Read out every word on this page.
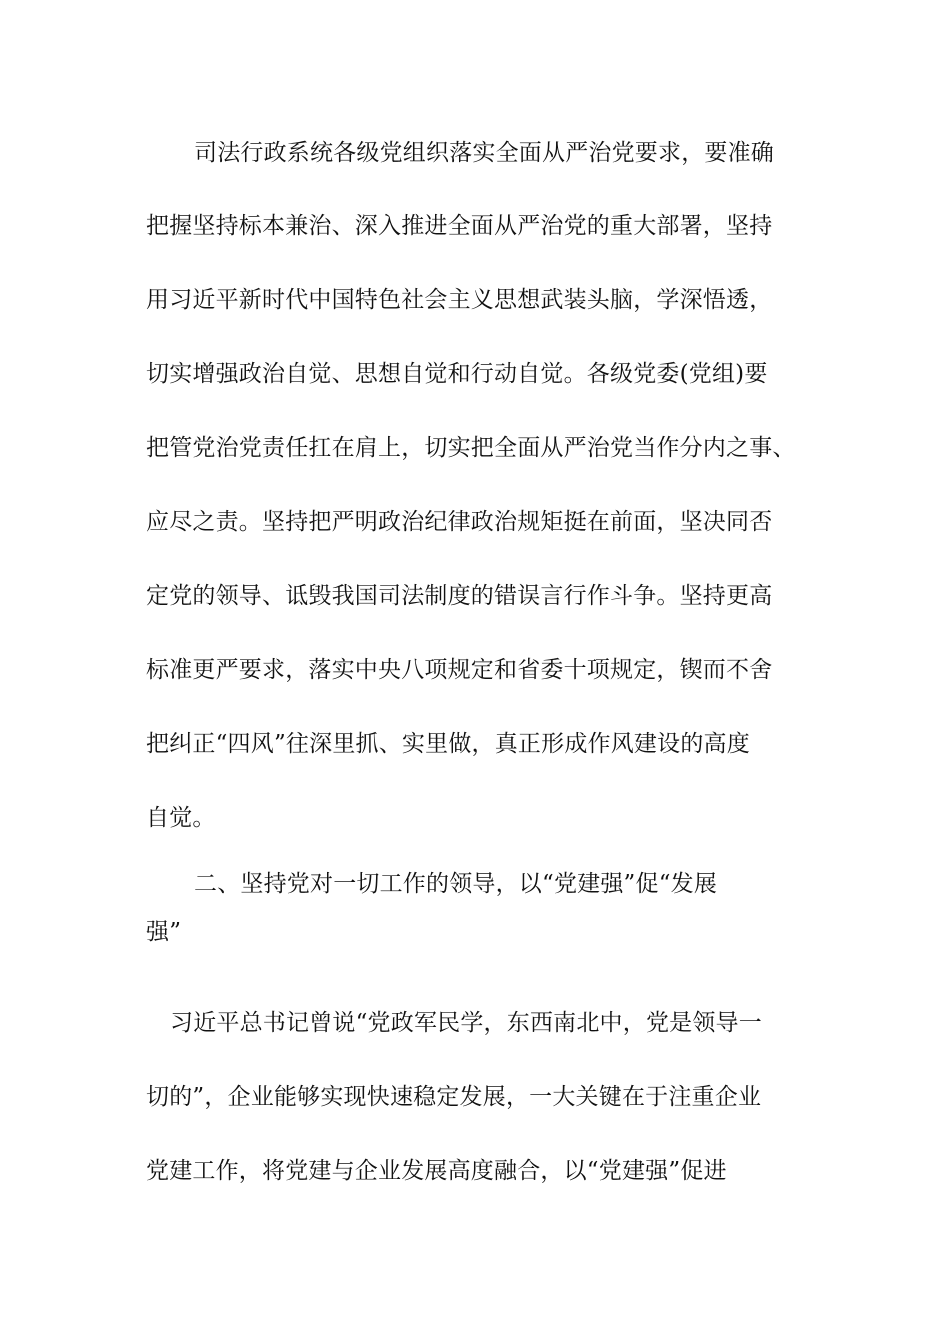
司法行政系统各级党组织落实全面从严治党要求，要准确
把握坚持标本兼治、深入推进全面从严治党的重大部署，坚持
用习近平新时代中国特色社会主义思想武装头脑，学深悟透，
切实增强政治自觉、思想自觉和行动自觉。各级党委(党组)要
把管党治党责任扛在肩上，切实把全面从严治党当作分内之事、
应尽之责。坚持把严明政治纪律政治规矩挺在前面，坚决同否
定党的领导、诋毁我国司法制度的错误言行作斗争。坚持更高
标准更严要求，落实中央八项规定和省委十项规定，锲而不舍
把纠正“四风”往深里抓、实里做，真正形成作风建设的高度
自觉。
二、坚持党对一切工作的领导，以“党建强”促“发展
强”
习近平总书记曾说“党政军民学，东西南北中，党是领导一
切的”，企业能够实现快速稳定发展，一大关键在于注重企业
党建工作，将党建与企业发展高度融合，以“党建强”促进
